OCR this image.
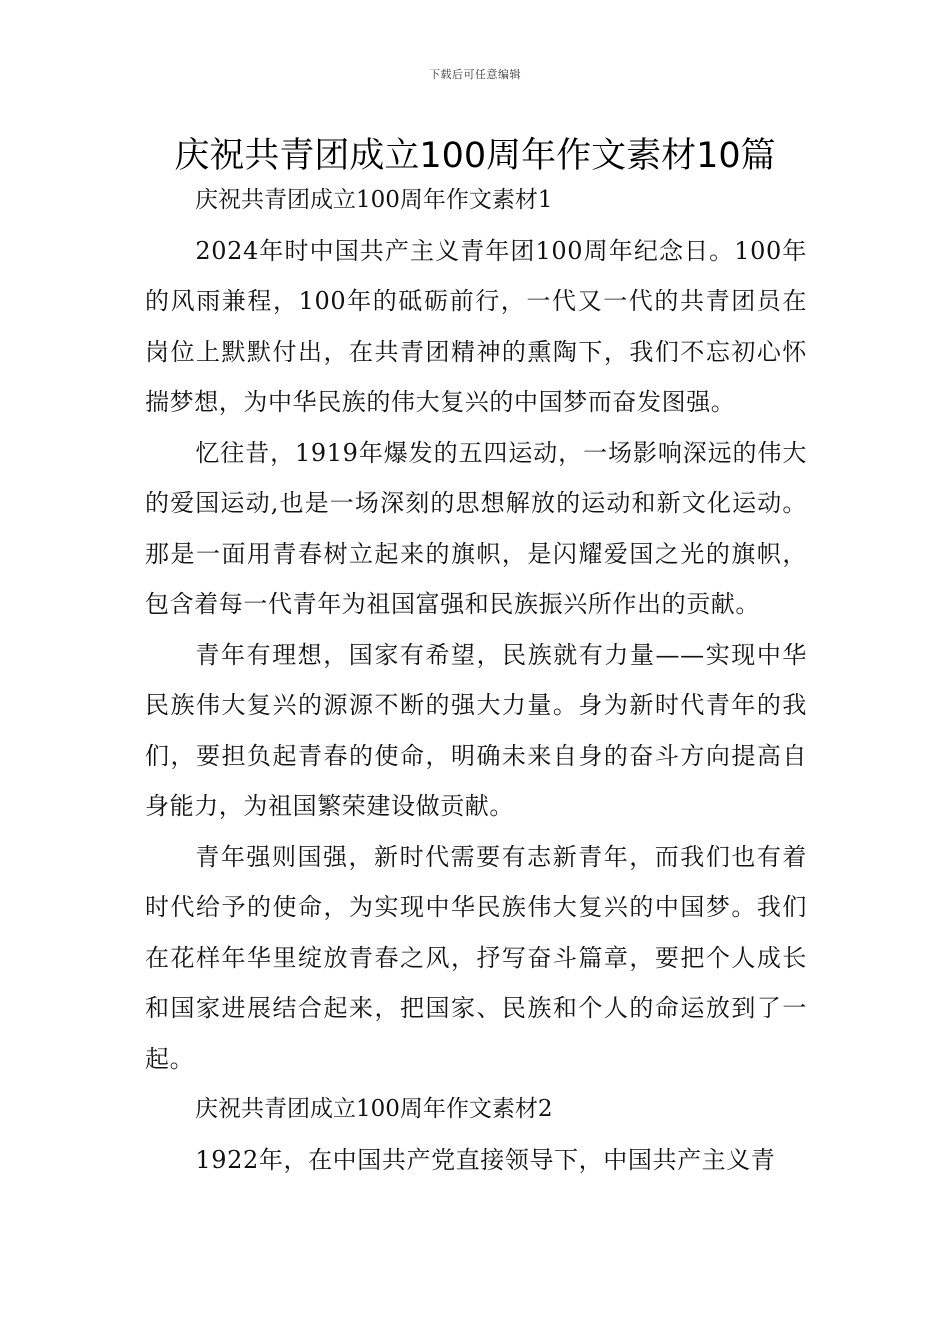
下载后可任意编辑
庆祝共青团成立100周年作文素材10篇

庆祝共青团成立100周年作文素材1

2024年时中国共产主义青年团100周年纪念日。100年的风雨兼程，100年的砥砺前行，一代又一代的共青团员在岗位上默默付出，在共青团精神的熏陶下，我们不忘初心怀揣梦想，为中华民族的伟大复兴的中国梦而奋发图强。

忆往昔，1919年爆发的五四运动，一场影响深远的伟大的爱国运动,也是一场深刻的思想解放的运动和新文化运动。那是一面用青春树立起来的旗帜，是闪耀爱国之光的旗帜，包含着每一代青年为祖国富强和民族振兴所作出的贡献。

青年有理想，国家有希望，民族就有力量——实现中华民族伟大复兴的源源不断的强大力量。身为新时代青年的我们，要担负起青春的使命，明确未来自身的奋斗方向提高自身能力，为祖国繁荣建设做贡献。

青年强则国强，新时代需要有志新青年，而我们也有着时代给予的使命，为实现中华民族伟大复兴的中国梦。我们在花样年华里绽放青春之风，抒写奋斗篇章，要把个人成长和国家进展结合起来，把国家、民族和个人的命运放到了一起。

庆祝共青团成立100周年作文素材2

1922年，在中国共产党直接领导下，中国共产主义青
